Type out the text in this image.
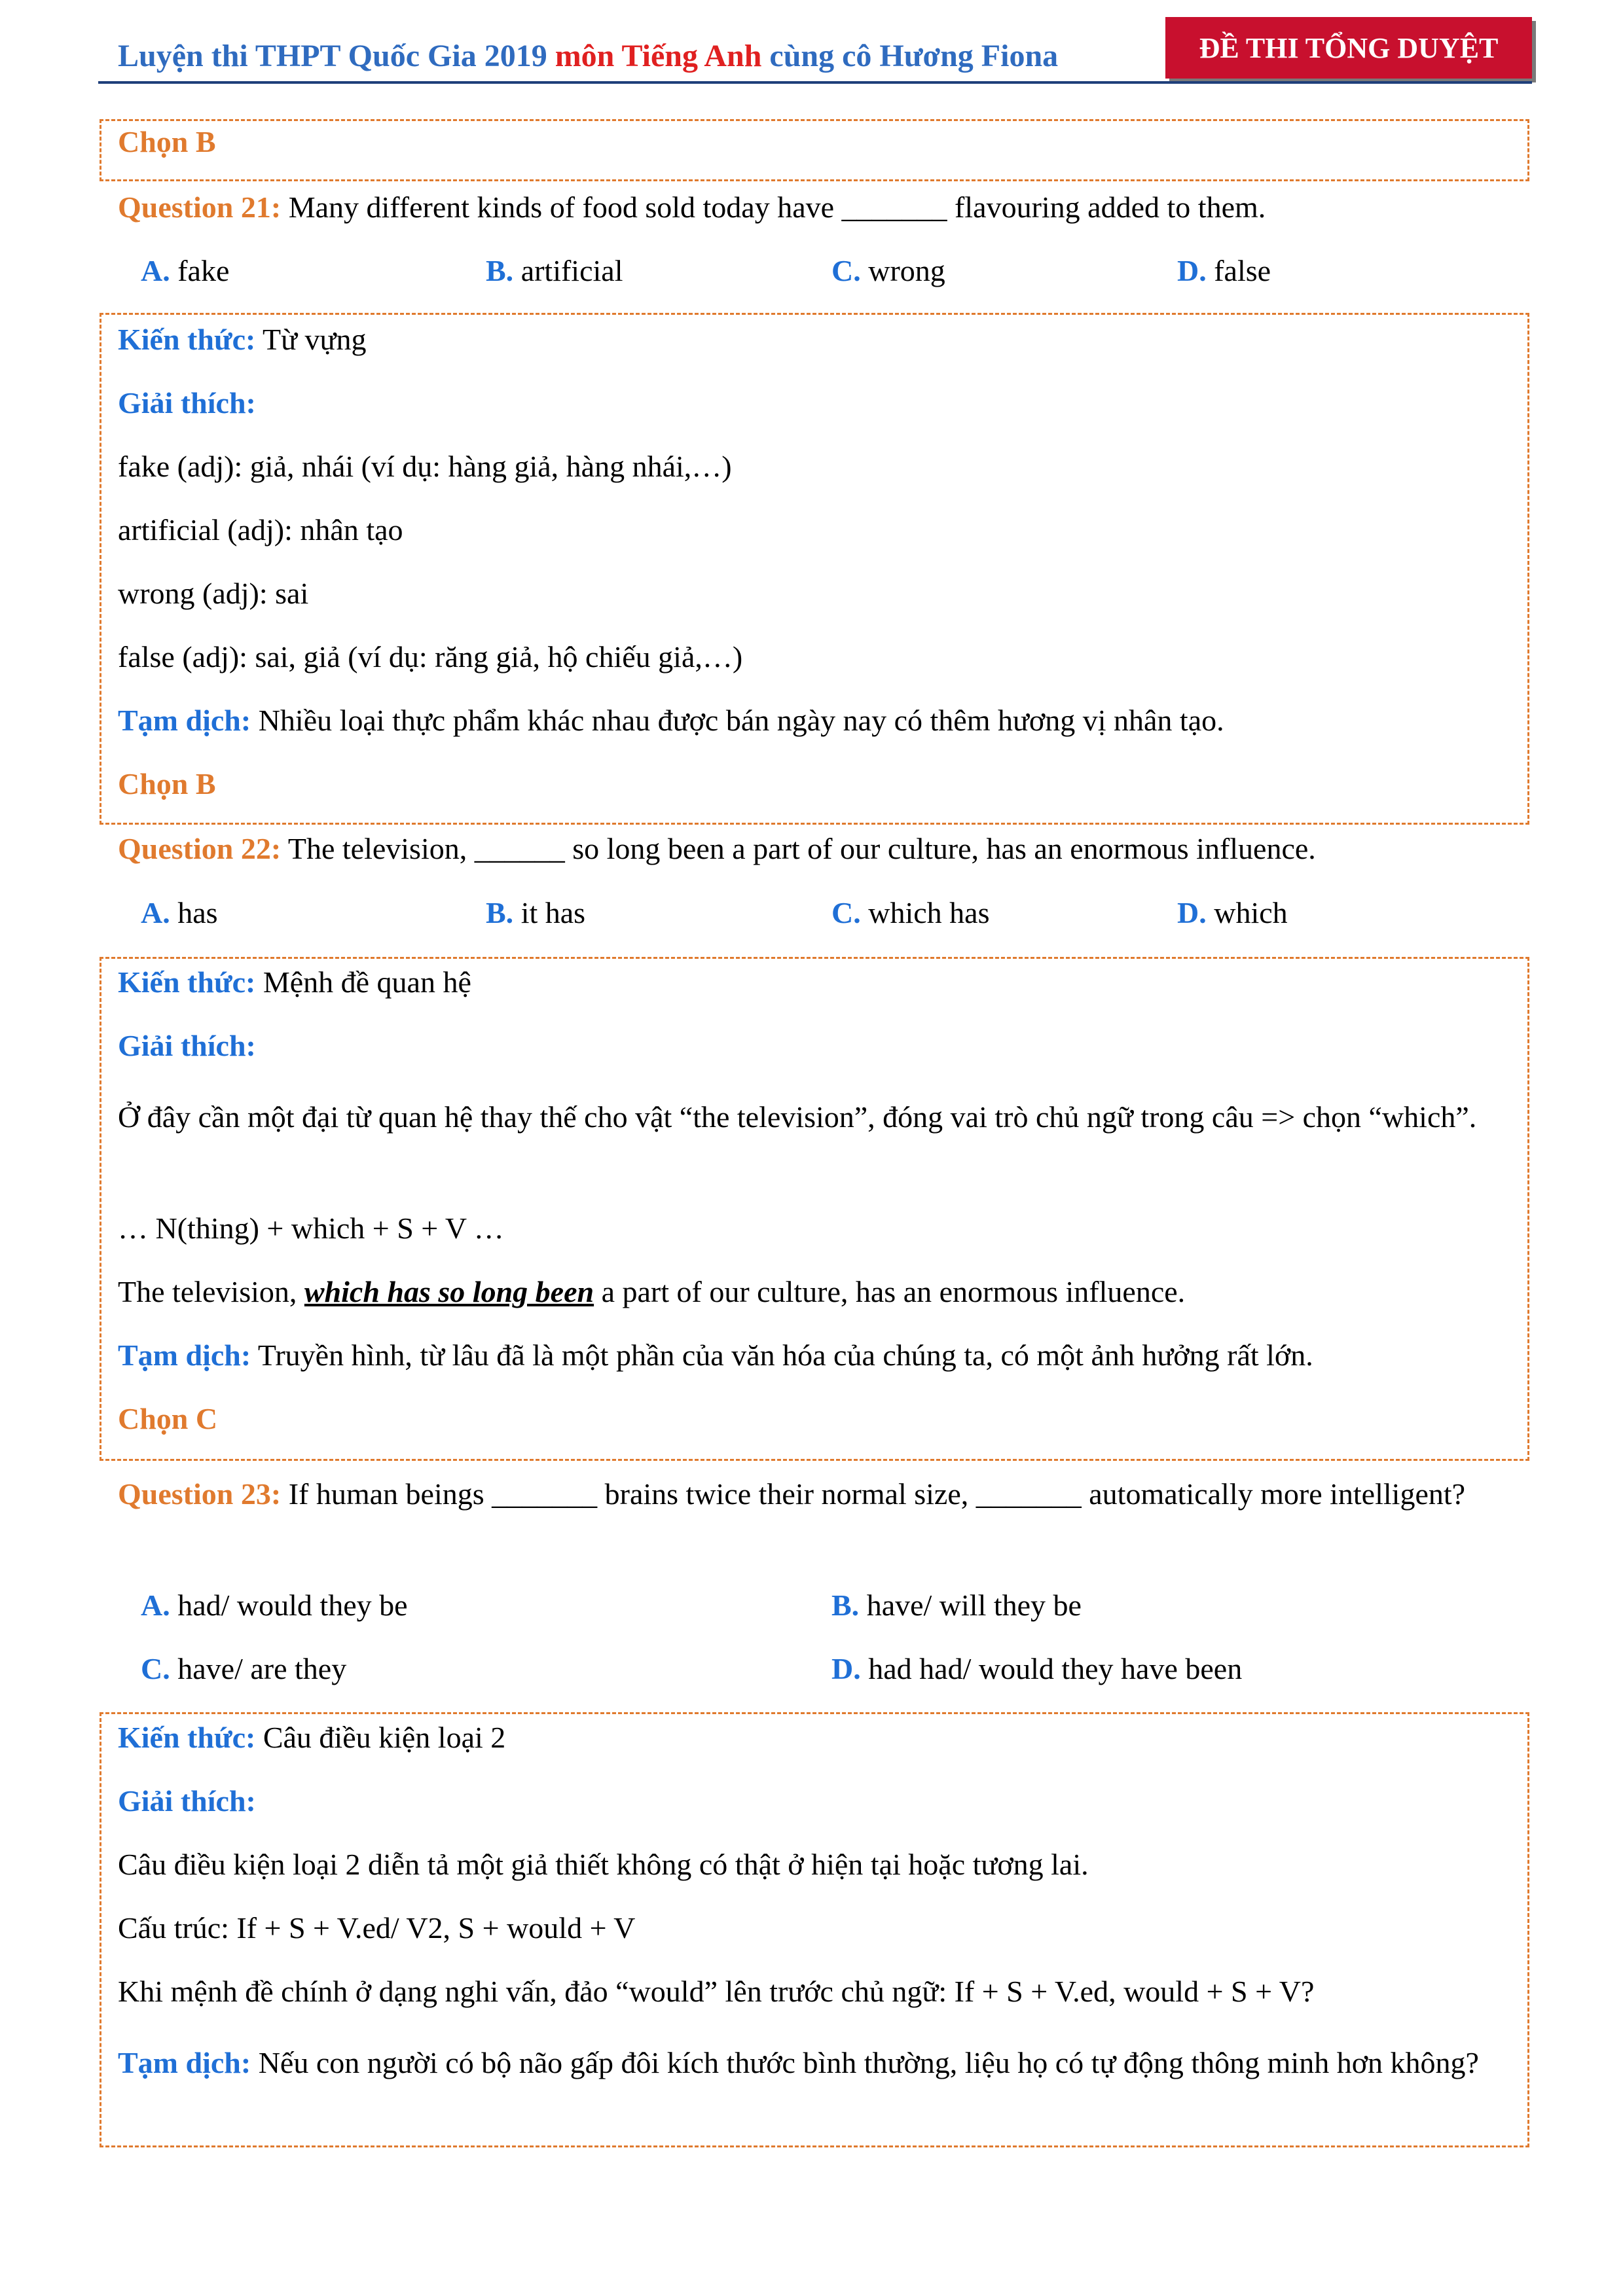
Luyện thi THPT Quốc Gia 2019 môn Tiếng Anh cùng cô Hương Fiona	ĐỀ THI TỔNG DUYỆT
Chọn B
Question 21: Many different kinds of food sold today have _______ flavouring added to them.
A. fake	B. artificial	C. wrong	D. false
Kiến thức: Từ vựng
Giải thích:
fake (adj): giả, nhái (ví dụ: hàng giả, hàng nhái,…)
artificial (adj): nhân tạo
wrong (adj): sai
false (adj): sai, giả (ví dụ: răng giả, hộ chiếu giả,…)
Tạm dịch: Nhiều loại thực phẩm khác nhau được bán ngày nay có thêm hương vị nhân tạo.
Chọn B
Question 22: The television, ______ so long been a part of our culture, has an enormous influence.
A. has	B. it has	C. which has	D. which
Kiến thức: Mệnh đề quan hệ
Giải thích:
Ở đây cần một đại từ quan hệ thay thế cho vật “the television”, đóng vai trò chủ ngữ trong câu => chọn “which”.
… N(thing) + which + S + V …
The television, which has so long been a part of our culture, has an enormous influence.
Tạm dịch: Truyền hình, từ lâu đã là một phần của văn hóa của chúng ta, có một ảnh hưởng rất lớn.
Chọn C
Question 23: If human beings _______ brains twice their normal size, _______ automatically more intelligent?
A. had/ would they be	B. have/ will they be
C. have/ are they	D. had had/ would they have been
Kiến thức: Câu điều kiện loại 2
Giải thích:
Câu điều kiện loại 2 diễn tả một giả thiết không có thật ở hiện tại hoặc tương lai.
Cấu trúc: If + S + V.ed/ V2, S + would + V
Khi mệnh đề chính ở dạng nghi vấn, đảo “would” lên trước chủ ngữ: If + S + V.ed, would + S + V?
Tạm dịch: Nếu con người có bộ não gấp đôi kích thước bình thường, liệu họ có tự động thông minh hơn không?
